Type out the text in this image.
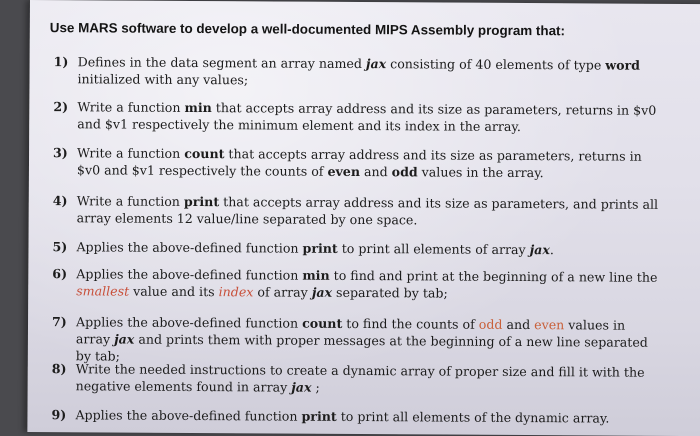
Use MARS software to develop a well-documented MIPS Assembly program that:
1) Defines in the data segment an array named jax consisting of 40 elements of type word initialized with any values;
2) Write a function min that accepts array address and its size as parameters, returns in $v0 and $v1 respectively the minimum element and its index in the array.
3) Write a function count that accepts array address and its size as parameters, returns in $v0 and $v1 respectively the counts of even and odd values in the array.
4) Write a function print that accepts array address and its size as parameters, and prints all array elements 12 value/line separated by one space.
5) Applies the above-defined function print to print all elements of array jax.
6) Applies the above-defined function min to find and print at the beginning of a new line the smallest value and its index of array jax separated by tab;
7) Applies the above-defined function count to find the counts of odd and even values in array jax and prints them with proper messages at the beginning of a new line separated by tab;
8) Write the needed instructions to create a dynamic array of proper size and fill it with the negative elements found in array jax ;
9) Applies the above-defined function print to print all elements of the dynamic array.
